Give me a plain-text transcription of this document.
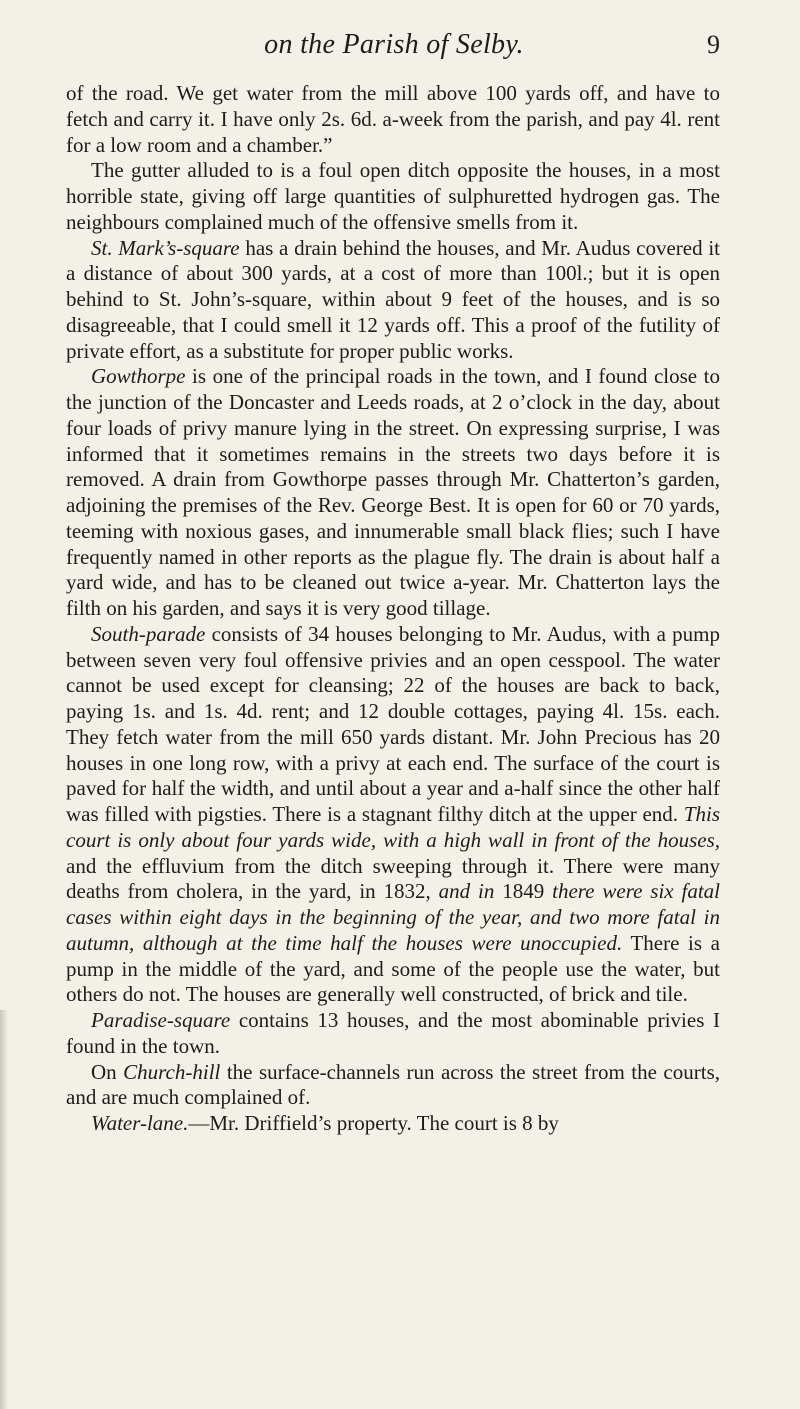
on the Parish of Selby.	9

of the road. We get water from the mill above 100 yards off, and have to fetch and carry it. I have only 2s. 6d. a-week from the parish, and pay 4l. rent for a low room and a chamber.”

The gutter alluded to is a foul open ditch opposite the houses, in a most horrible state, giving off large quantities of sulphuretted hydrogen gas. The neighbours complained much of the offensive smells from it.

St. Mark’s-square has a drain behind the houses, and Mr. Audus covered it a distance of about 300 yards, at a cost of more than 100l.; but it is open behind to St. John’s-square, within about 9 feet of the houses, and is so disagreeable, that I could smell it 12 yards off. This a proof of the futility of private effort, as a substitute for proper public works.

Gowthorpe is one of the principal roads in the town, and I found close to the junction of the Doncaster and Leeds roads, at 2 o’clock in the day, about four loads of privy manure lying in the street. On expressing surprise, I was informed that it sometimes remains in the streets two days before it is removed. A drain from Gowthorpe passes through Mr. Chatterton’s garden, adjoining the premises of the Rev. George Best. It is open for 60 or 70 yards, teeming with noxious gases, and innumerable small black flies; such I have frequently named in other reports as the plague fly. The drain is about half a yard wide, and has to be cleaned out twice a-year. Mr. Chatterton lays the filth on his garden, and says it is very good tillage.

South-parade consists of 34 houses belonging to Mr. Audus, with a pump between seven very foul offensive privies and an open cesspool. The water cannot be used except for cleansing; 22 of the houses are back to back, paying 1s. and 1s. 4d. rent; and 12 double cottages, paying 4l. 15s. each. They fetch water from the mill 650 yards distant. Mr. John Precious has 20 houses in one long row, with a privy at each end. The surface of the court is paved for half the width, and until about a year and a-half since the other half was filled with pigsties. There is a stagnant filthy ditch at the upper end. This court is only about four yards wide, with a high wall in front of the houses, and the effluvium from the ditch sweeping through it. There were many deaths from cholera, in the yard, in 1832, and in 1849 there were six fatal cases within eight days in the beginning of the year, and two more fatal in autumn, although at the time half the houses were unoccupied. There is a pump in the middle of the yard, and some of the people use the water, but others do not. The houses are generally well constructed, of brick and tile.

Paradise-square contains 13 houses, and the most abominable privies I found in the town.

On Church-hill the surface-channels run across the street from the courts, and are much complained of.

Water-lane.—Mr. Driffield’s property. The court is 8 by
